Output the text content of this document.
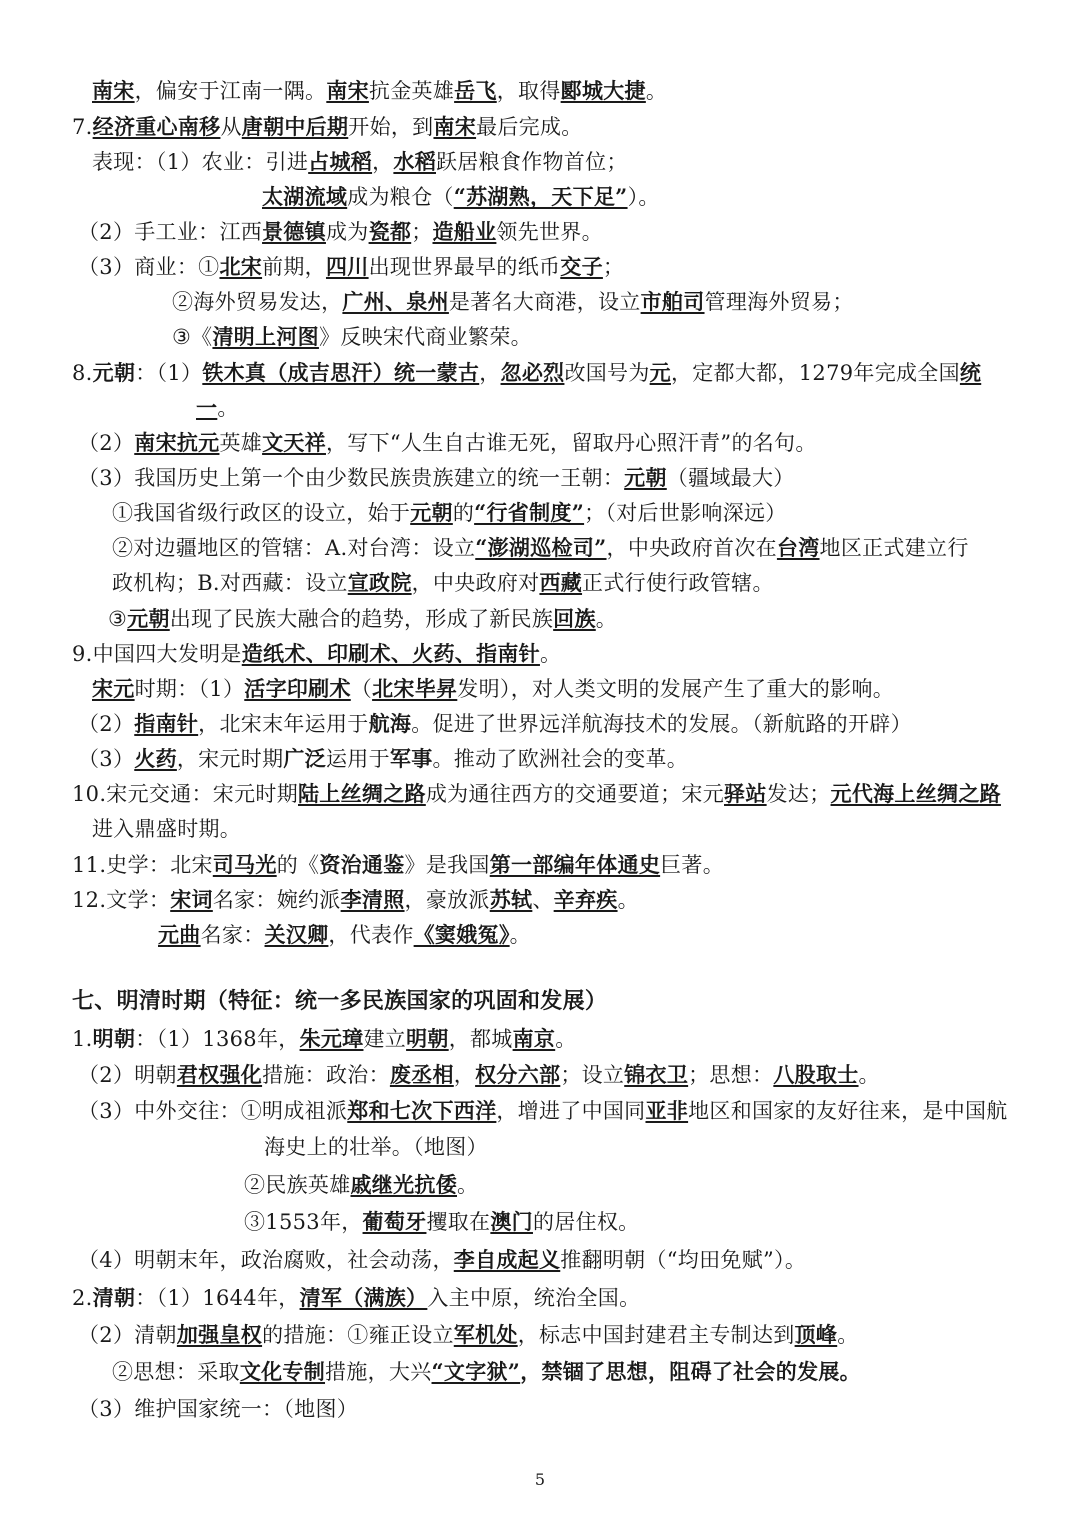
南宋，偏安于江南一隅。南宋抗金英雄岳飞，取得郾城大捷。
7.经济重心南移从唐朝中后期开始，到南宋最后完成。
表现：（1）农业：引进占城稻，水稻跃居粮食作物首位；
太湖流域成为粮仓（“苏湖熟，天下足”）。
（2）手工业：江西景德镇成为瓷都；造船业领先世界。
（3）商业：①北宋前期，四川出现世界最早的纸币交子；
②海外贸易发达，广州、泉州是著名大商港，设立市舶司管理海外贸易；
③《清明上河图》反映宋代商业繁荣。
8.元朝：（1）铁木真（成吉思汗）统一蒙古，忽必烈改国号为元，定都大都，1279年完成全国统
一。
（2）南宋抗元英雄文天祥，写下“人生自古谁无死，留取丹心照汗青”的名句。
（3）我国历史上第一个由少数民族贵族建立的统一王朝：元朝（疆域最大）
①我国省级行政区的设立，始于元朝的“行省制度”；（对后世影响深远）
②对边疆地区的管辖：A.对台湾：设立“澎湖巡检司”，中央政府首次在台湾地区正式建立行
政机构；B.对西藏：设立宣政院，中央政府对西藏正式行使行政管辖。
③元朝出现了民族大融合的趋势，形成了新民族回族。
9.中国四大发明是造纸术、印刷术、火药、指南针。
宋元时期：（1）活字印刷术（北宋毕昇发明），对人类文明的发展产生了重大的影响。
（2）指南针，北宋末年运用于航海。促进了世界远洋航海技术的发展。（新航路的开辟）
（3）火药，宋元时期广泛运用于军事。推动了欧洲社会的变革。
10.宋元交通：宋元时期陆上丝绸之路成为通往西方的交通要道；宋元驿站发达；元代海上丝绸之路
进入鼎盛时期。
11.史学：北宋司马光的《资治通鉴》是我国第一部编年体通史巨著。
12.文学：宋词名家：婉约派李清照，豪放派苏轼、辛弃疾。
元曲名家：关汉卿，代表作《窦娥冤》。
七、明清时期（特征：统一多民族国家的巩固和发展）
1.明朝：（1）1368年，朱元璋建立明朝，都城南京。
（2）明朝君权强化措施：政治：废丞相，权分六部；设立锦衣卫；思想：八股取士。
（3）中外交往：①明成祖派郑和七次下西洋，增进了中国同亚非地区和国家的友好往来，是中国航
海史上的壮举。（地图）
②民族英雄戚继光抗倭。
③1553年，葡萄牙攫取在澳门的居住权。
（4）明朝末年，政治腐败，社会动荡，李自成起义推翻明朝（“均田免赋”）。
2.清朝：（1）1644年，清军（满族）入主中原，统治全国。
（2）清朝加强皇权的措施：①雍正设立军机处，标志中国封建君主专制达到顶峰。
②思想：采取文化专制措施，大兴“文字狱”，禁锢了思想，阻碍了社会的发展。
（3）维护国家统一：（地图）
5
